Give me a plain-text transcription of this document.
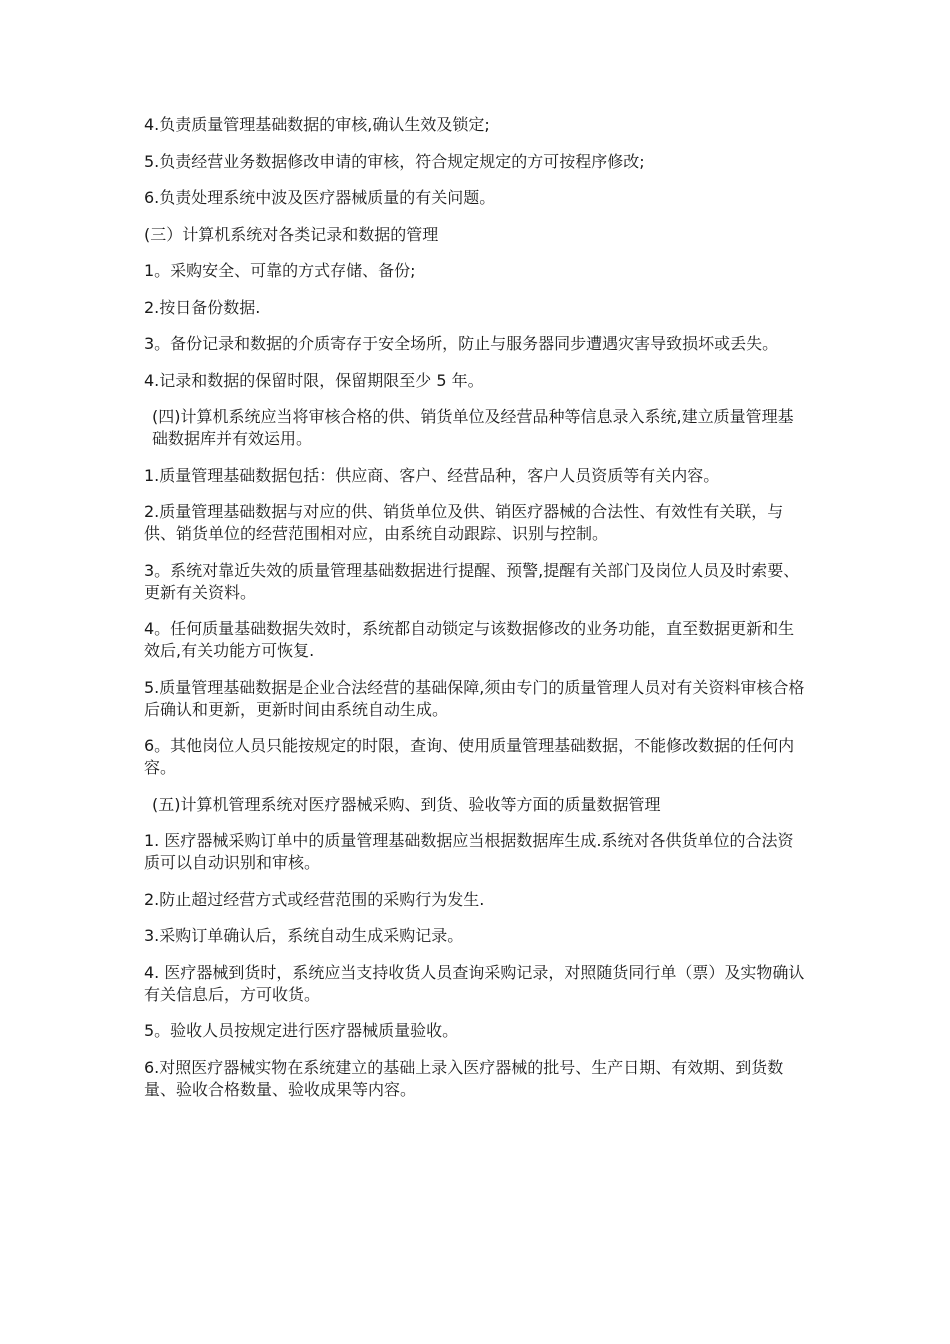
4.负责质量管理基础数据的审核,确认生效及锁定;

5.负责经营业务数据修改申请的审核，符合规定规定的方可按程序修改;

6.负责处理系统中波及医疗器械质量的有关问题。

(三）计算机系统对各类记录和数据的管理

1。采购安全、可靠的方式存储、备份;

2.按日备份数据.

3。备份记录和数据的介质寄存于安全场所，防止与服务器同步遭遇灾害导致损坏或丢失。

4.记录和数据的保留时限，保留期限至少 5 年。

(四)计算机系统应当将审核合格的供、销货单位及经营品种等信息录入系统,建立质量管理基础数据库并有效运用。

1.质量管理基础数据包括：供应商、客户、经营品种，客户人员资质等有关内容。

2.质量管理基础数据与对应的供、销货单位及供、销医疗器械的合法性、有效性有关联，与供、销货单位的经营范围相对应，由系统自动跟踪、识别与控制。

3。系统对靠近失效的质量管理基础数据进行提醒、预警,提醒有关部门及岗位人员及时索要、更新有关资料。

4。任何质量基础数据失效时，系统都自动锁定与该数据修改的业务功能，直至数据更新和生效后,有关功能方可恢复.

5.质量管理基础数据是企业合法经营的基础保障,须由专门的质量管理人员对有关资料审核合格后确认和更新，更新时间由系统自动生成。

6。其他岗位人员只能按规定的时限，查询、使用质量管理基础数据，不能修改数据的任何内容。

(五)计算机管理系统对医疗器械采购、到货、验收等方面的质量数据管理

1. 医疗器械采购订单中的质量管理基础数据应当根据数据库生成.系统对各供货单位的合法资质可以自动识别和审核。

2.防止超过经营方式或经营范围的采购行为发生.

3.采购订单确认后，系统自动生成采购记录。

4. 医疗器械到货时，系统应当支持收货人员查询采购记录，对照随货同行单（票）及实物确认有关信息后，方可收货。

5。验收人员按规定进行医疗器械质量验收。

6.对照医疗器械实物在系统建立的基础上录入医疗器械的批号、生产日期、有效期、到货数量、验收合格数量、验收成果等内容。
